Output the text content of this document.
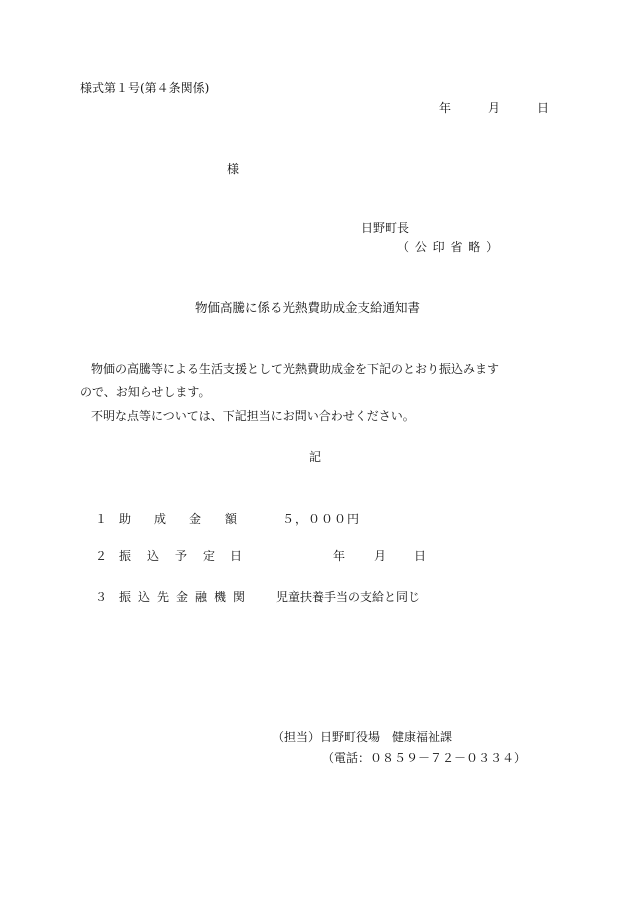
様式第１号(第４条関係)
年	月	日
様
日野町長
（ 公 印 省 略 ）
物価高騰に係る光熱費助成金支給通知書
物価の高騰等による生活支援として光熱費助成金を下記のとおり振込みます
ので、お知らせします。
不明な点等については、下記担当にお問い合わせください。
記
１ 助 成 金 額	５，０００円
２ 振 込 予 定 日	年 月 日
３ 振 込 先 金 融 機 関	児童扶養手当の支給と同じ
（担当）日野町役場　健康福祉課
（電話：０８５９－７２－０３３４）
